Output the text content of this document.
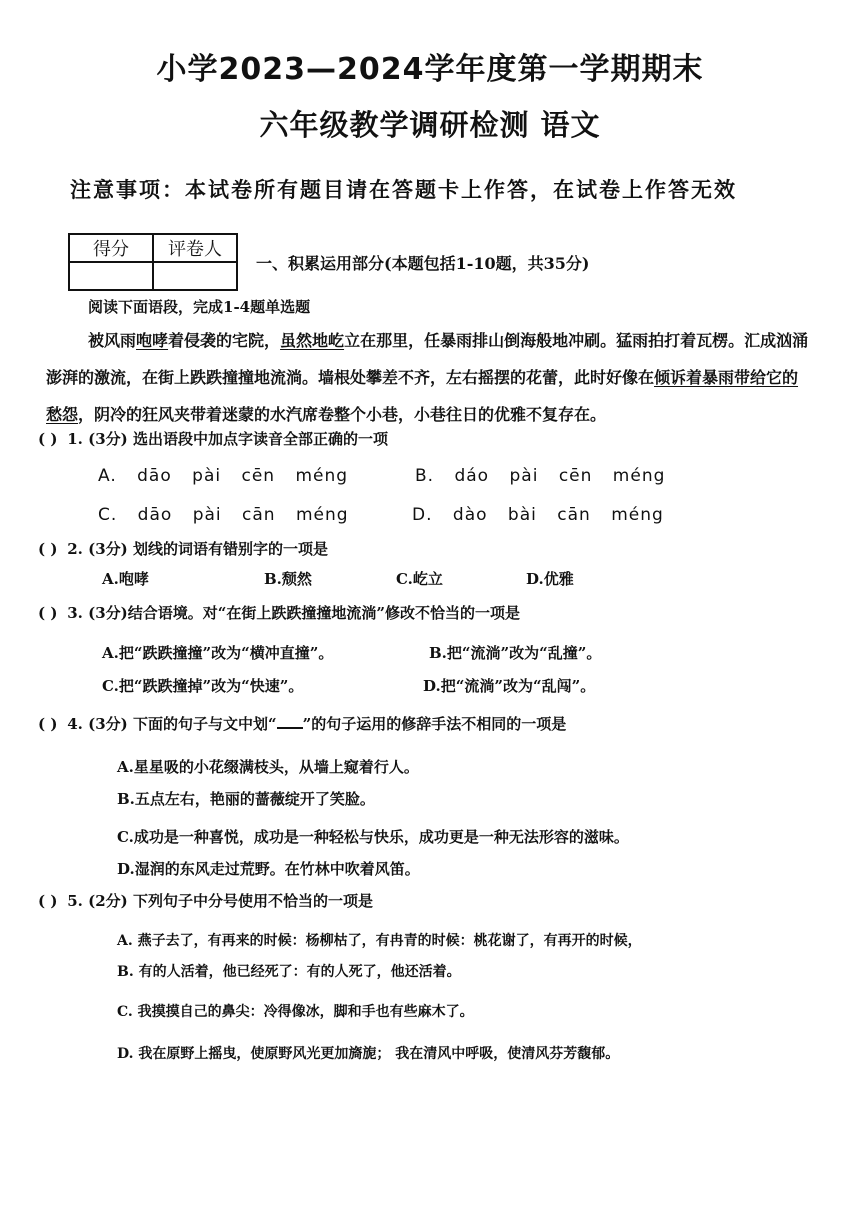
小学2023—2024学年度第一学期期末
六年级教学调研检测 语文
注意事项：本试卷所有题目请在答题卡上作答，在试卷上作答无效
得分	评卷人

一、积累运用部分(本题包括1-10题，共35分)
阅读下面语段，完成1-4题单选题
被风雨咆哮着侵袭的宅院，虽然地屹立在那里，任暴雨排山倒海般地冲刷。猛雨拍打着瓦楞。汇成汹涌澎湃的激流，在街上跌跌撞撞地流淌。墙根处攀差不齐，左右摇摆的花蕾，此时好像在倾诉着暴雨带给它的愁怨，阴冷的狂风夹带着迷蒙的水汽席卷整个小巷，小巷往日的优雅不复存在。
( ) 1. (3分) 选出语段中加点字读音全部正确的一项
A. dāo pài cēn méng	B. dáo pài cēn méng
C. dāo pài cān méng	D. dào bài cān méng
( ) 2. (3分) 划线的词语有错别字的一项是
A.咆哮	B.颓然	C.屹立	D.优雅
( ) 3. (3分)结合语境。对“在街上跌跌撞撞地流淌”修改不恰当的一项是
A.把“跌跌撞撞”改为“横冲直撞”。	B.把“流淌”改为“乱撞”。
C.把“跌跌撞掉”改为“快速”。	D.把“流淌”改为“乱闯”。
( ) 4. (3分) 下面的句子与文中划“ ”的句子运用的修辞手法不相同的一项是
A.星星吸的小花缀满枝头，从墙上窥着行人。
B.五点左右，艳丽的蔷薇绽开了笑脸。
C.成功是一种喜悦，成功是一种轻松与快乐，成功更是一种无法形容的滋味。
D.湿润的东风走过荒野。在竹林中吹着风笛。
( ) 5. (2分) 下列句子中分号使用不恰当的一项是
A. 燕子去了，有再来的时候：杨柳枯了，有冉青的时候：桃花谢了，有再开的时候，
B. 有的人活着，他已经死了：有的人死了，他还活着。
C. 我摸摸自己的鼻尖：冷得像冰，脚和手也有些麻木了。
D. 我在原野上摇曳，使原野风光更加旖旎； 我在清风中呼吸，使清风芬芳馥郁。
